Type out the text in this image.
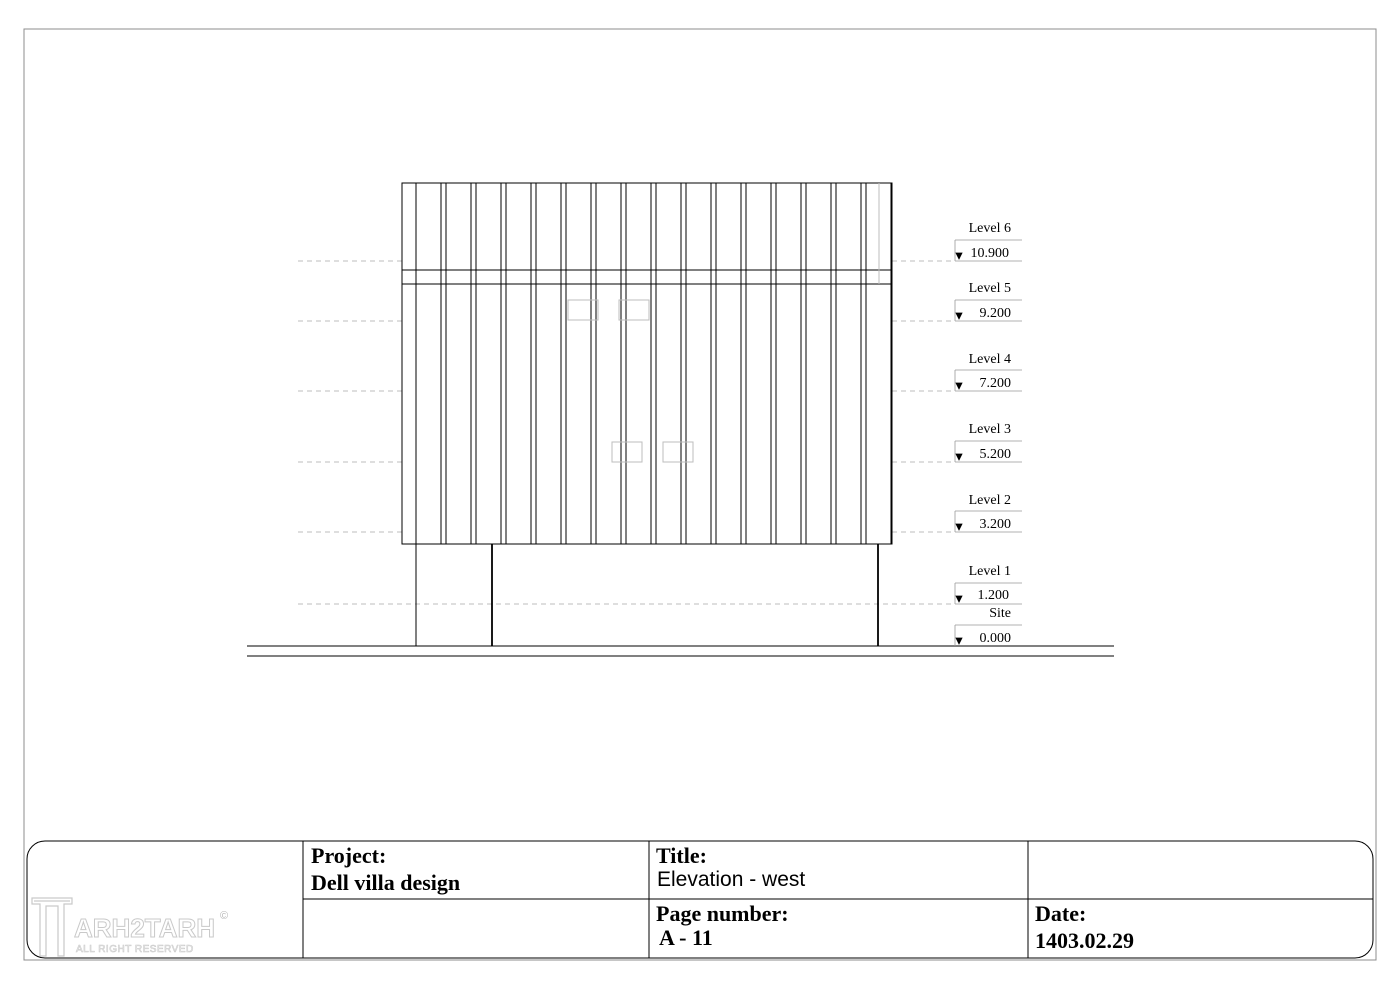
Level 6
10.900
Level 5
9.200
Level 4
7.200
Level 3
5.200
Level 2
3.200
Level 1
1.200
Site
0.000
Project:
Dell villa design
Title:
Elevation - west
Page number:
A - 11
Date:
1403.02.29
ARH2TARH
ALL RIGHT RESERVED
©
